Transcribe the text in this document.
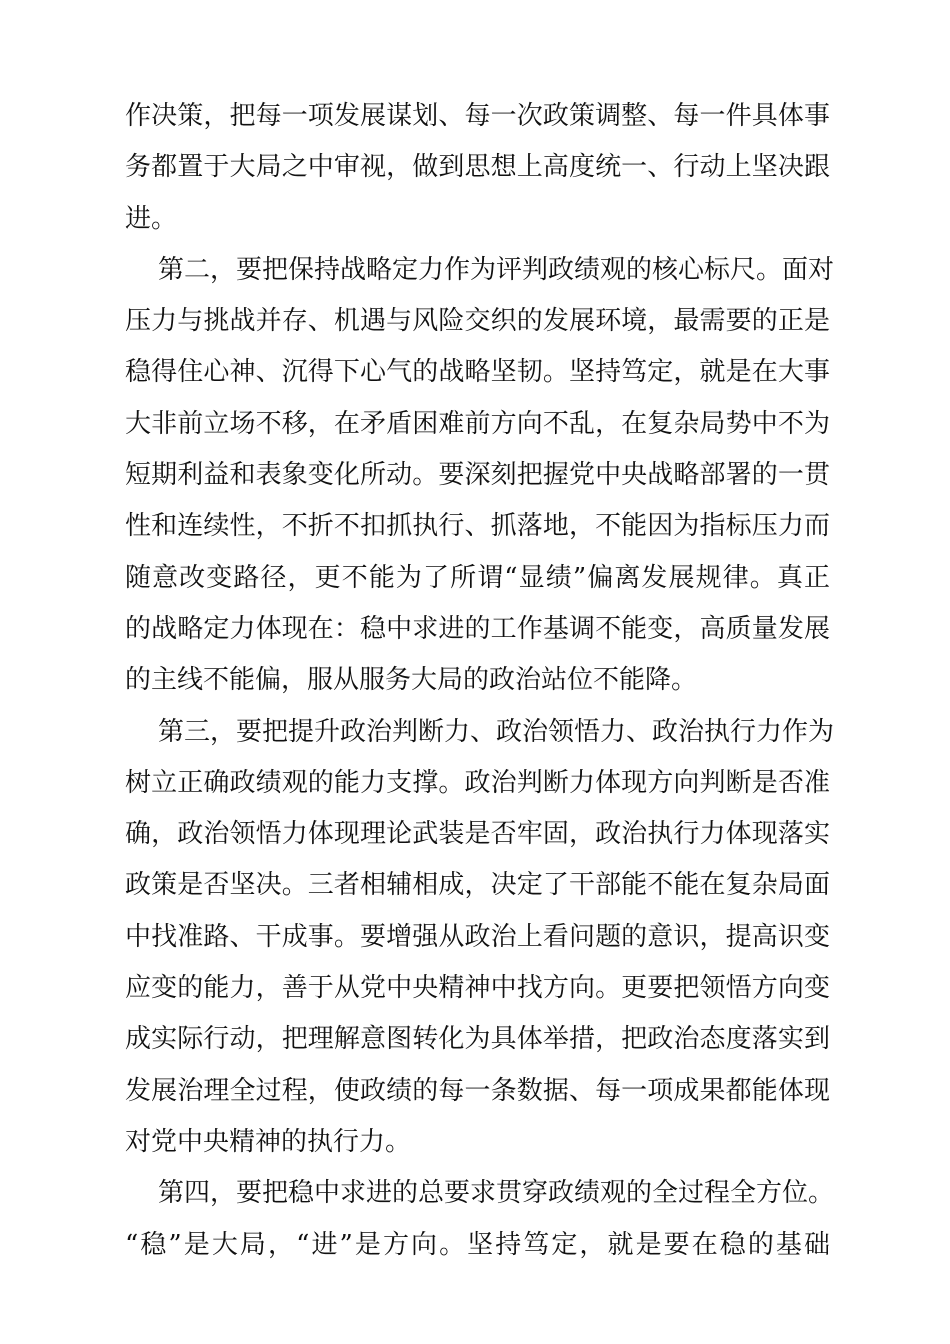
作决策，把每一项发展谋划、每一次政策调整、每一件具体事
务都置于大局之中审视，做到思想上高度统一、行动上坚决跟
进。
第二，要把保持战略定力作为评判政绩观的核心标尺。面对
压力与挑战并存、机遇与风险交织的发展环境，最需要的正是
稳得住心神、沉得下心气的战略坚韧。坚持笃定，就是在大事
大非前立场不移，在矛盾困难前方向不乱，在复杂局势中不为
短期利益和表象变化所动。要深刻把握党中央战略部署的一贯
性和连续性，不折不扣抓执行、抓落地，不能因为指标压力而
随意改变路径，更不能为了所谓“显绩”偏离发展规律。真正
的战略定力体现在：稳中求进的工作基调不能变，高质量发展
的主线不能偏，服从服务大局的政治站位不能降。
第三，要把提升政治判断力、政治领悟力、政治执行力作为
树立正确政绩观的能力支撑。政治判断力体现方向判断是否准
确，政治领悟力体现理论武装是否牢固，政治执行力体现落实
政策是否坚决。三者相辅相成，决定了干部能不能在复杂局面
中找准路、干成事。要增强从政治上看问题的意识，提高识变
应变的能力，善于从党中央精神中找方向。更要把领悟方向变
成实际行动，把理解意图转化为具体举措，把政治态度落实到
发展治理全过程，使政绩的每一条数据、每一项成果都能体现
对党中央精神的执行力。
第四，要把稳中求进的总要求贯穿政绩观的全过程全方位。
“稳”是大局，“进”是方向。坚持笃定，就是要在稳的基础
